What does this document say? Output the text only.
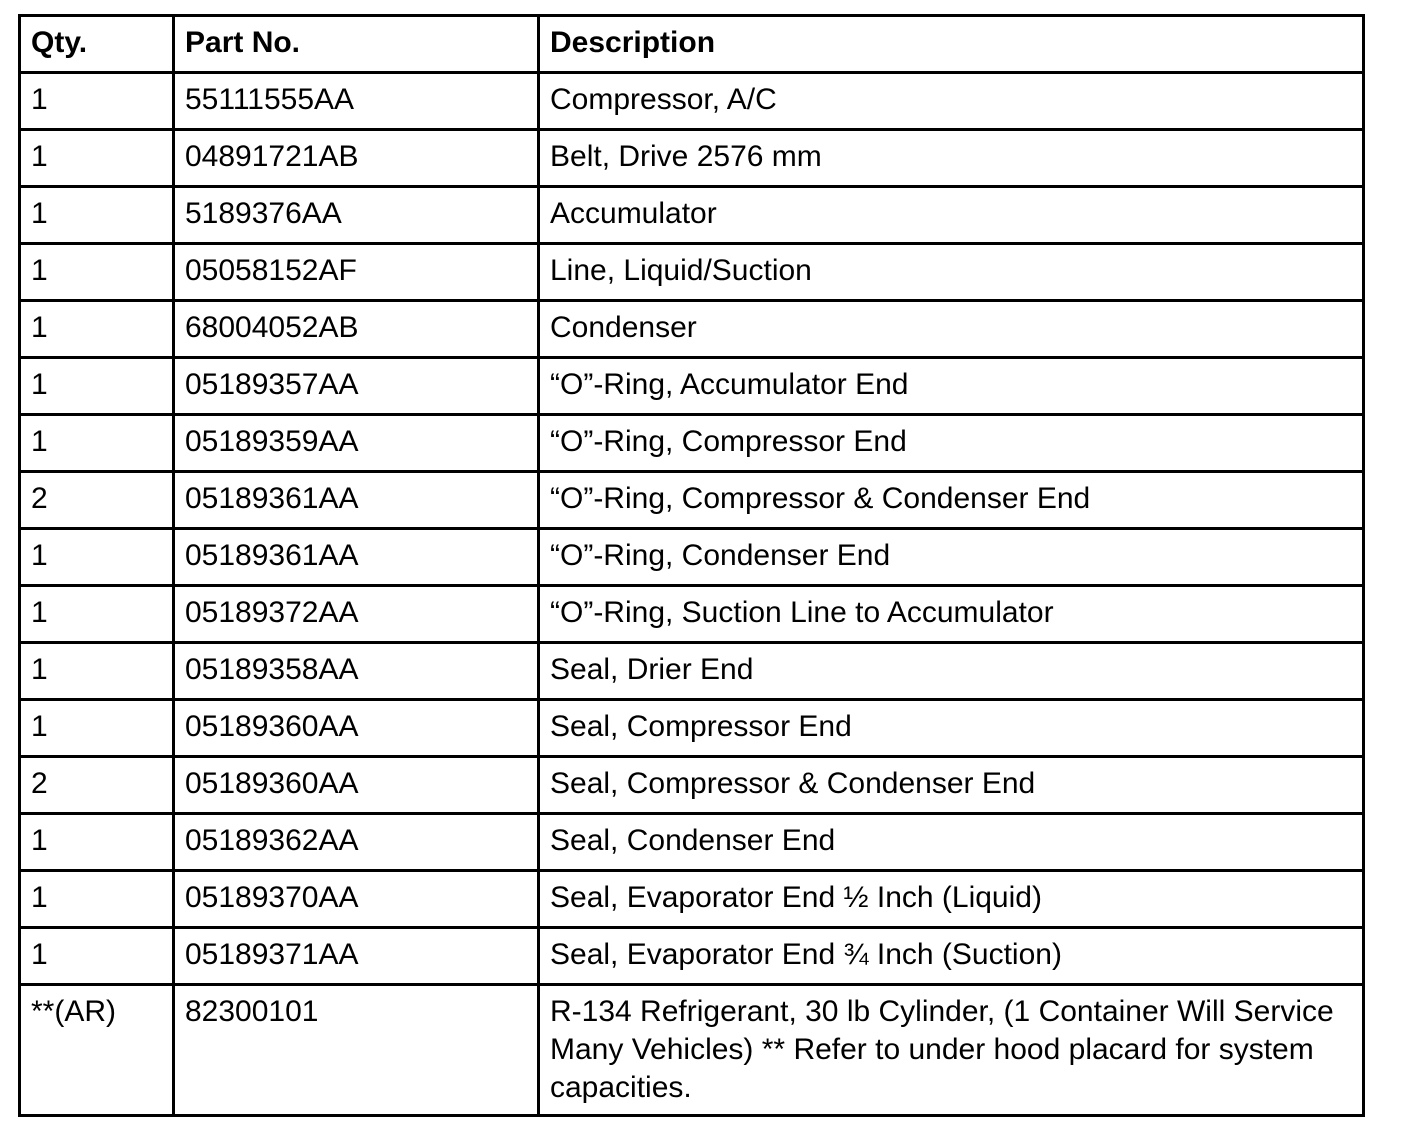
Qty.	Part No.	Description
1	55111555AA	Compressor, A/C
1	04891721AB	Belt, Drive 2576 mm
1	5189376AA	Accumulator
1	05058152AF	Line, Liquid/Suction
1	68004052AB	Condenser
1	05189357AA	“O”-Ring, Accumulator End
1	05189359AA	“O”-Ring, Compressor End
2	05189361AA	“O”-Ring, Compressor & Condenser End
1	05189361AA	“O”-Ring, Condenser End
1	05189372AA	“O”-Ring, Suction Line to Accumulator
1	05189358AA	Seal, Drier End
1	05189360AA	Seal, Compressor End
2	05189360AA	Seal, Compressor & Condenser End
1	05189362AA	Seal, Condenser End
1	05189370AA	Seal, Evaporator End ½ Inch (Liquid)
1	05189371AA	Seal, Evaporator End ¾ Inch (Suction)
**(AR)	82300101	R-134 Refrigerant, 30 lb Cylinder, (1 Container Will Service Many Vehicles) ** Refer to under hood placard for system capacities.
